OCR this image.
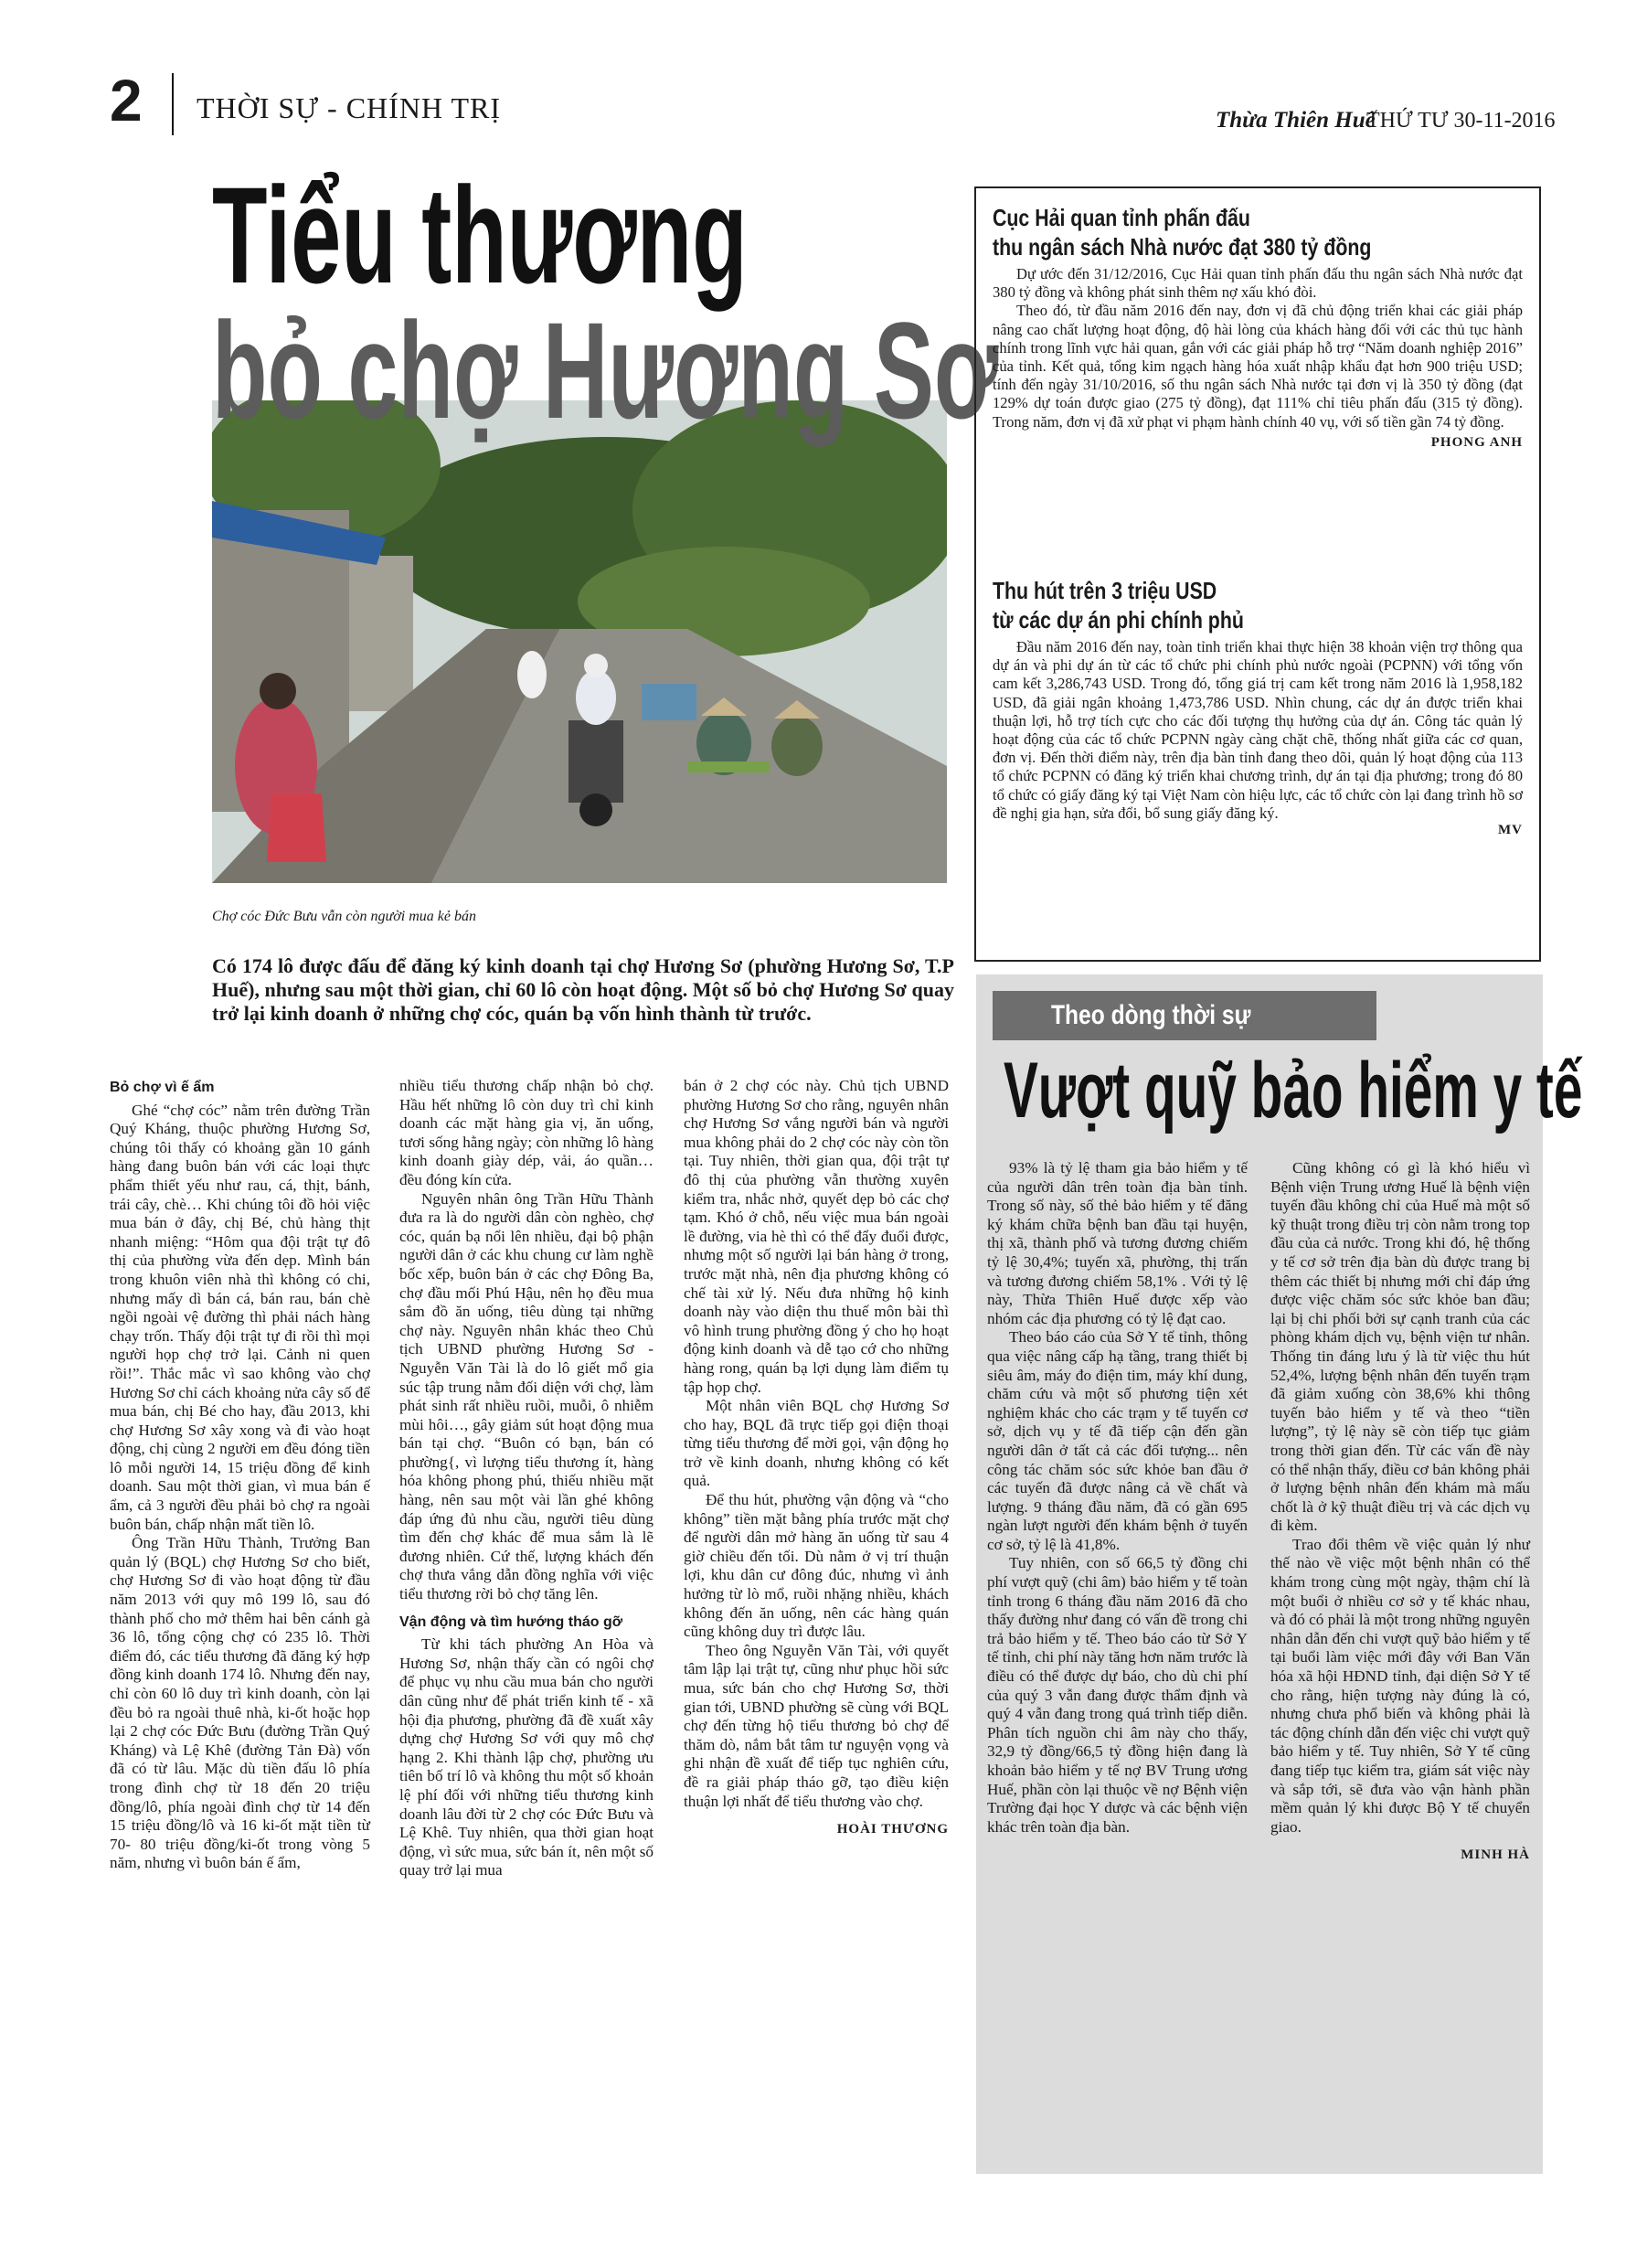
2 THỜI SỰ - CHÍNH TRỊ	Thừa Thiên Huế
THỨ TƯ 30-11-2016
Tiểu thương
bỏ chợ Hương Sơ
Chợ cóc Đức Bưu vẫn còn người mua kẻ bán
Có 174 lô được đấu để đăng ký kinh doanh tại chợ Hương Sơ (phường Hương Sơ, T.P Huế), nhưng sau một thời gian, chỉ 60 lô còn hoạt động. Một số bỏ chợ Hương Sơ quay trở lại kinh doanh ở những chợ cóc, quán bạ vốn hình thành từ trước.

Bỏ chợ vì ế ẩm

Ghé “chợ cóc” nằm trên đường Trần Quý Kháng, thuộc phường Hương Sơ, chúng tôi thấy có khoảng gần 10 gánh hàng đang buôn bán với các loại thực phẩm thiết yếu như rau, cá, thịt, bánh, trái cây, chè… Khi chúng tôi đồ hỏi việc mua bán ở đây, chị Bé, chủ hàng thịt nhanh miệng: “Hôm qua đội trật tự đô thị của phường vừa đến dẹp. Mình bán trong khuôn viên nhà thì không có chi, nhưng mấy dì bán cá, bán rau, bán chè ngồi ngoài vệ đường thì phải nách hàng chạy trốn. Thấy đội trật tự đi rồi thì mọi người họp chợ trở lại. Cảnh ni quen rồi!”. Thắc mắc vì sao không vào chợ Hương Sơ chỉ cách khoảng nửa cây số để mua bán, chị Bé cho hay, đầu 2013, khi chợ Hương Sơ xây xong và đi vào hoạt động, chị cùng 2 người em đều đóng tiền lô mỗi người 14, 15 triệu đồng để kinh doanh. Sau một thời gian, vì mua bán ế ẩm, cả 3 người đều phải bỏ chợ ra ngoài buôn bán, chấp nhận mất tiền lô.

Ông Trần Hữu Thành, Trưởng Ban quản lý (BQL) chợ Hương Sơ cho biết, chợ Hương Sơ đi vào hoạt động từ đầu năm 2013 với quy mô 199 lô, sau đó thành phố cho mở thêm hai bên cánh gà 36 lô, tổng cộng chợ có 235 lô. Thời điểm đó, các tiểu thương đã đăng ký hợp đồng kinh doanh 174 lô. Nhưng đến nay, chỉ còn 60 lô duy trì kinh doanh, còn lại đều bỏ ra ngoài thuê nhà, ki-ốt hoặc họp lại 2 chợ cóc Đức Bưu (đường Trần Quý Kháng) và Lệ Khê (đường Tản Đà) vốn đã có từ lâu. Mặc dù tiền đấu lô phía trong đình chợ từ 18 đến 20 triệu đồng/lô, phía ngoài đình chợ từ 14 đến 15 triệu đồng/lô và 16 ki-ốt mặt tiền từ 70- 80 triệu đồng/ki-ốt trong vòng 5 năm, nhưng vì buôn bán ế ẩm,

nhiều tiểu thương chấp nhận bỏ chợ. Hầu hết những lô còn duy trì chỉ kinh doanh các mặt hàng gia vị, ăn uống, tươi sống hằng ngày; còn những lô hàng kinh doanh giày dép, vải, áo quần… đều đóng kín cửa.

Nguyên nhân ông Trần Hữu Thành đưa ra là do người dân còn nghèo, chợ cóc, quán bạ nổi lên nhiều, đại bộ phận người dân ở các khu chung cư làm nghề bốc xếp, buôn bán ở các chợ Đông Ba, chợ đầu mối Phú Hậu, nên họ đều mua sắm đồ ăn uống, tiêu dùng tại những chợ này. Nguyên nhân khác theo Chủ tịch UBND phường Hương Sơ - Nguyễn Văn Tài là do lô giết mổ gia súc tập trung nằm đối diện với chợ, làm phát sinh rất nhiều ruồi, muỗi, ô nhiễm mùi hôi…, gây giảm sút hoạt động mua bán tại chợ. “Buôn có bạn, bán có phường{, vì lượng tiểu thương ít, hàng hóa không phong phú, thiếu nhiều mặt hàng, nên sau một vài lần ghé không đáp ứng đủ nhu cầu, người tiêu dùng tìm đến chợ khác để mua sắm là lẽ đương nhiên. Cứ thế, lượng khách đến chợ thưa vắng dẫn đồng nghĩa với việc tiểu thương rời bỏ chợ tăng lên.

Vận động và tìm hướng tháo gỡ

Từ khi tách phường An Hòa và Hương Sơ, nhận thấy cần có ngôi chợ để phục vụ nhu cầu mua bán cho người dân cũng như để phát triển kinh tế - xã hội địa phương, phường đã đề xuất xây dựng chợ Hương Sơ với quy mô chợ hạng 2. Khi thành lập chợ, phường ưu tiên bố trí lô và không thu một số khoản lệ phí đối với những tiểu thương kinh doanh lâu đời từ 2 chợ cóc Đức Bưu và Lệ Khê. Tuy nhiên, qua thời gian hoạt động, vì sức mua, sức bán ít, nên một số quay trở lại mua

bán ở 2 chợ cóc này. Chủ tịch UBND phường Hương Sơ cho rằng, nguyên nhân chợ Hương Sơ vắng người bán và người mua không phải do 2 chợ cóc này còn tồn tại. Tuy nhiên, thời gian qua, đội trật tự đô thị của phường vẫn thường xuyên kiểm tra, nhắc nhở, quyết dẹp bỏ các chợ tạm. Khó ở chỗ, nếu việc mua bán ngoài lề đường, via hè thì có thể đẩy đuổi được, nhưng một số người lại bán hàng ở trong, trước mặt nhà, nên địa phương không có chế tài xử lý. Nếu đưa những hộ kinh doanh này vào diện thu thuế môn bài thì vô hình trung phường đồng ý cho họ hoạt động kinh doanh và dễ tạo cớ cho những hàng rong, quán bạ lợi dụng làm điểm tụ tập họp chợ.

Một nhân viên BQL chợ Hương Sơ cho hay, BQL đã trực tiếp gọi điện thoại từng tiểu thương để mời gọi, vận động họ trở về kinh doanh, nhưng không có kết quả.

Để thu hút, phường vận động và “cho không” tiền mặt bằng phía trước mặt chợ để người dân mở hàng ăn uống từ sau 4 giờ chiều đến tối. Dù nằm ở vị trí thuận lợi, khu dân cư đông đúc, nhưng vì ảnh hưởng từ lò mổ, ruồi nhặng nhiều, khách không đến ăn uống, nên các hàng quán cũng không duy trì được lâu.

Theo ông Nguyễn Văn Tài, với quyết tâm lập lại trật tự, cũng như phục hồi sức mua, sức bán cho chợ Hương Sơ, thời gian tới, UBND phường sẽ cùng với BQL chợ đến từng hộ tiểu thương bỏ chợ để thăm dò, nắm bắt tâm tư nguyện vọng và ghi nhận đề xuất để tiếp tục nghiên cứu, đề ra giải pháp tháo gỡ, tạo điều kiện thuận lợi nhất để tiểu thương vào chợ.

HOÀI THƯƠNG

Cục Hải quan tỉnh phấn đấu
thu ngân sách Nhà nước đạt 380 tỷ đồng

Dự ước đến 31/12/2016, Cục Hải quan tỉnh phấn đấu thu ngân sách Nhà nước đạt 380 tỷ đồng và không phát sinh thêm nợ xấu khó đòi.

Theo đó, từ đầu năm 2016 đến nay, đơn vị đã chủ động triển khai các giải pháp nâng cao chất lượng hoạt động, độ hài lòng của khách hàng đối với các thủ tục hành chính trong lĩnh vực hải quan, gắn với các giải pháp hỗ trợ “Năm doanh nghiệp 2016” của tỉnh. Kết quả, tổng kim ngạch hàng hóa xuất nhập khẩu đạt hơn 900 triệu USD; tính đến ngày 31/10/2016, số thu ngân sách Nhà nước tại đơn vị là 350 tỷ đồng (đạt 129% dự toán được giao (275 tỷ đồng), đạt 111% chỉ tiêu phấn đấu (315 tỷ đồng). Trong năm, đơn vị đã xử phạt vi phạm hành chính 40 vụ, với số tiền gần 74 tỷ đồng.

PHONG ANH
Thu hút trên 3 triệu USD
từ các dự án phi chính phủ

Đầu năm 2016 đến nay, toàn tỉnh triển khai thực hiện 38 khoản viện trợ thông qua dự án và phi dự án từ các tổ chức phi chính phủ nước ngoài (PCPNN) với tổng vốn cam kết 3,286,743 USD. Trong đó, tổng giá trị cam kết trong năm 2016 là 1,958,182 USD, đã giải ngân khoảng 1,473,786 USD. Nhìn chung, các dự án được triển khai thuận lợi, hỗ trợ tích cực cho các đối tượng thụ hưởng của dự án. Công tác quản lý hoạt động của các tổ chức PCPNN ngày càng chặt chẽ, thống nhất giữa các cơ quan, đơn vị. Đến thời điểm này, trên địa bàn tỉnh đang theo dõi, quản lý hoạt động của 113 tổ chức PCPNN có đăng ký triển khai chương trình, dự án tại địa phương; trong đó 80 tổ chức có giấy đăng ký tại Việt Nam còn hiệu lực, các tổ chức còn lại đang trình hồ sơ đề nghị gia hạn, sửa đổi, bổ sung giấy đăng ký.

MV
Theo dòng thời sự
Vượt quỹ bảo hiểm y tế

93% là tỷ lệ tham gia bảo hiểm y tế của người dân trên toàn địa bàn tỉnh. Trong số này, số thẻ bảo hiểm y tế đăng ký khám chữa bệnh ban đầu tại huyện, thị xã, thành phố và tương đương chiếm tỷ lệ 30,4%; tuyến xã, phường, thị trấn và tương đương chiếm 58,1% . Với tỷ lệ này, Thừa Thiên Huế được xếp vào nhóm các địa phương có tỷ lệ đạt cao.

Theo báo cáo của Sở Y tế tỉnh, thông qua việc nâng cấp hạ tầng, trang thiết bị siêu âm, máy đo điện tim, máy khí dung, chăm cứu và một số phương tiện xét nghiệm khác cho các trạm y tế tuyến cơ sở, dịch vụ y tế đã tiếp cận đến gần người dân ở tất cả các đối tượng... nên công tác chăm sóc sức khỏe ban đầu ở các tuyến đã được nâng cả về chất và lượng. 9 tháng đầu năm, đã có gần 695 ngàn lượt người đến khám bệnh ở tuyến cơ sở, tỷ lệ là 41,8%.

Tuy nhiên, con số 66,5 tỷ đồng chi phí vượt quỹ (chi âm) bảo hiểm y tế toàn tỉnh trong 6 tháng đầu năm 2016 đã cho thấy đường như đang có vấn đề trong chi trả bảo hiểm y tế. Theo báo cáo từ Sở Y tế tỉnh, chi phí này tăng hơn năm trước là điều có thể được dự báo, cho dù chi phí của quý 3 vẫn đang được thẩm định và quý 4 vẫn đang trong quá trình tiếp diễn. Phân tích nguồn chi âm này cho thấy, 32,9 tỷ đồng/66,5 tỷ đồng hiện đang là khoản bảo hiểm y tế nợ BV Trung ương Huế, phần còn lại thuộc về nợ Bệnh viện Trường đại học Y dược và các bệnh viện khác trên toàn địa bàn.

Cũng không có gì là khó hiểu vì Bệnh viện Trung ương Huế là bệnh viện tuyến đầu không chỉ của Huế mà một số kỹ thuật trong điều trị còn nằm trong top đầu của cả nước. Trong khi đó, hệ thống y tế cơ sở trên địa bàn dù được trang bị thêm các thiết bị nhưng mới chỉ đáp ứng được việc chăm sóc sức khỏe ban đầu; lại bị chi phối bởi sự cạnh tranh của các phòng khám dịch vụ, bệnh viện tư nhân. Thống tin đáng lưu ý là từ việc thu hút 52,4%, lượng bệnh nhân đến tuyến trạm đã giảm xuống còn 38,6% khi thông tuyến bảo hiểm y tế và theo “tiền lượng”, tỷ lệ này sẽ còn tiếp tục giảm trong thời gian đến. Từ các vấn đề này có thể nhận thấy, điều cơ bản không phải ở lượng bệnh nhân đến khám mà mấu chốt là ở kỹ thuật điều trị và các dịch vụ đi kèm.

Trao đổi thêm về việc quản lý như thế nào về việc một bệnh nhân có thể khám trong cùng một ngày, thậm chí là một buổi ở nhiều cơ sở y tế khác nhau, và đó có phải là một trong những nguyên nhân dẫn đến chi vượt quỹ bảo hiểm y tế tại buổi làm việc mới đây với Ban Văn hóa xã hội HĐND tỉnh, đại diện Sở Y tế cho rằng, hiện tượng này đúng là có, nhưng chưa phổ biến và không phải là tác động chính dẫn đến việc chi vượt quỹ bảo hiểm y tế. Tuy nhiên, Sở Y tế cũng đang tiếp tục kiểm tra, giám sát việc này và sắp tới, sẽ đưa vào vận hành phần mềm quản lý khi được Bộ Y tế chuyển giao.

MINH HÀ
